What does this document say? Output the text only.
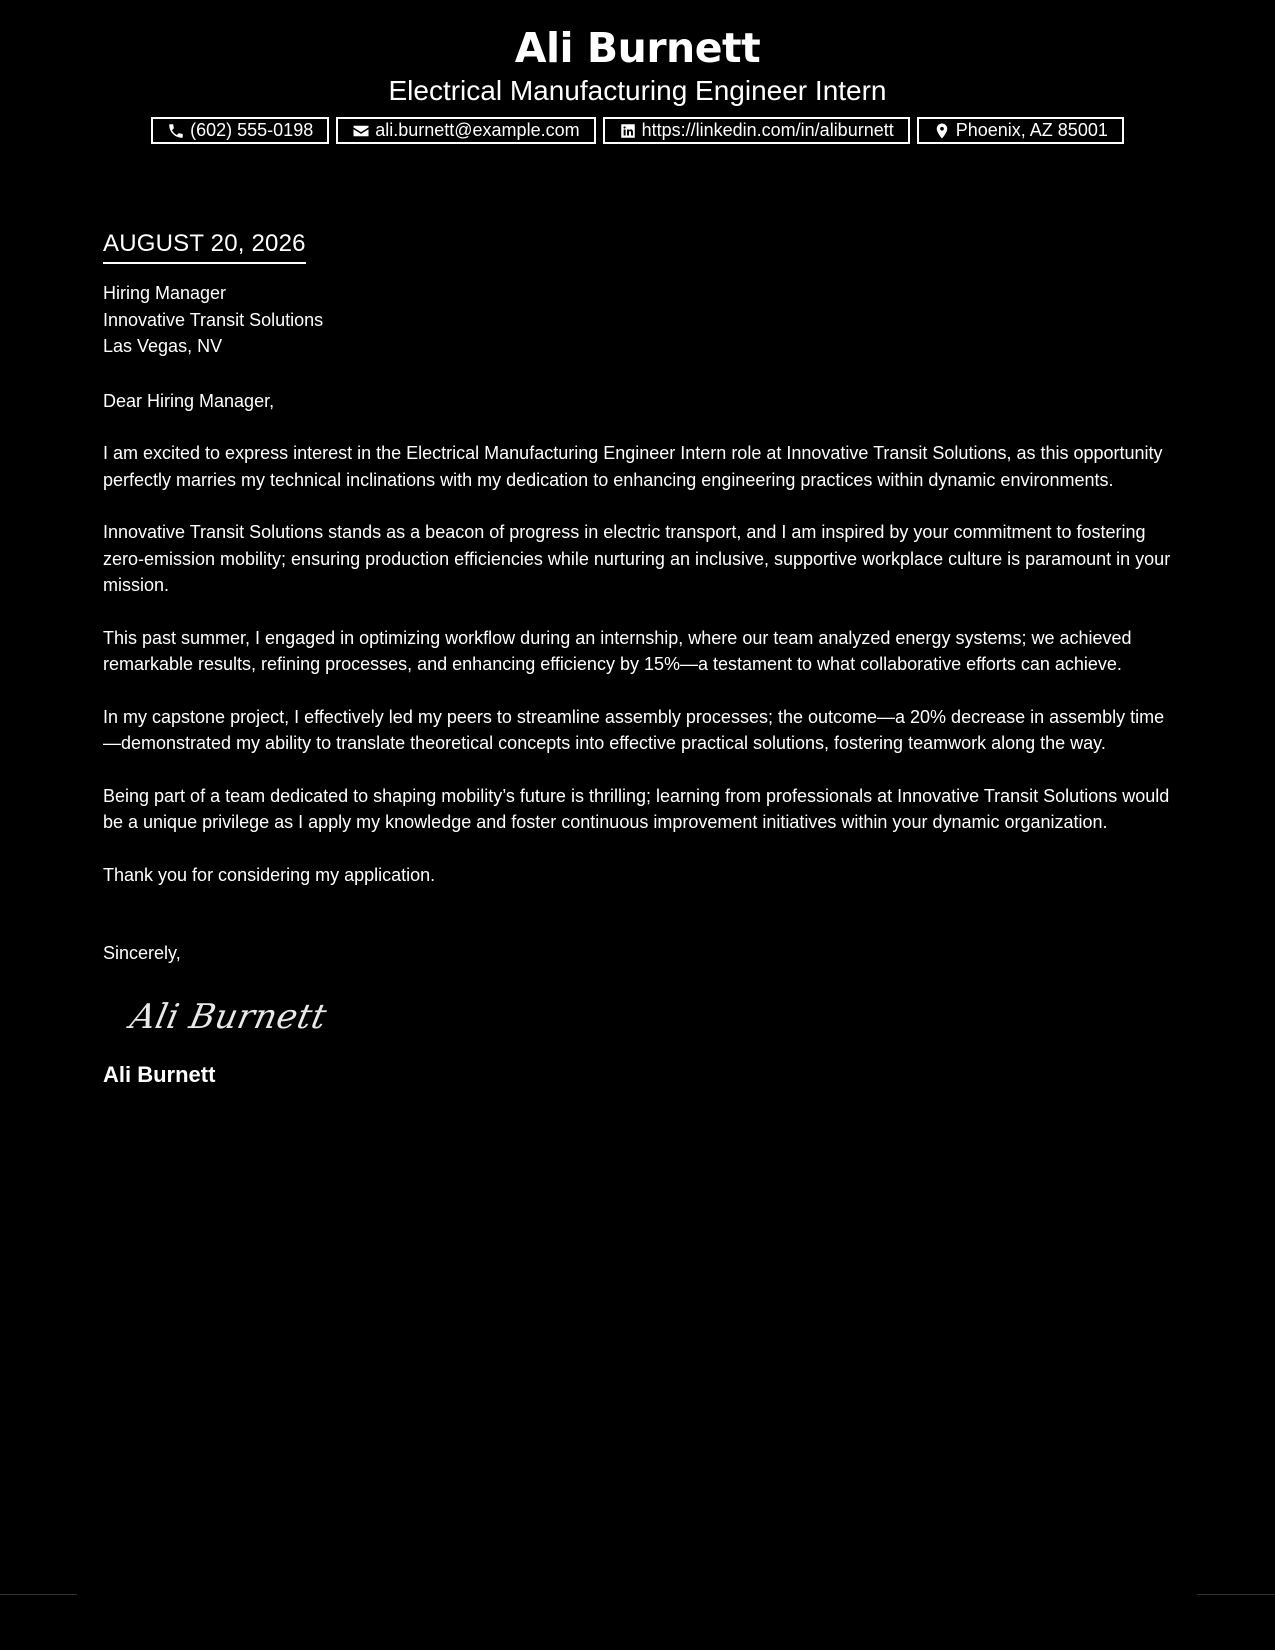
Ali Burnett
Electrical Manufacturing Engineer Intern
(602) 555-0198	ali.burnett@example.com	https://linkedin.com/in/aliburnett	Phoenix, AZ 85001
AUGUST 20, 2026
Hiring Manager
Innovative Transit Solutions
Las Vegas, NV

Dear Hiring Manager,

I am excited to express interest in the Electrical Manufacturing Engineer Intern role at Innovative Transit Solutions, as this opportunity perfectly marries my technical inclinations with my dedication to enhancing engineering practices within dynamic environments.

Innovative Transit Solutions stands as a beacon of progress in electric transport, and I am inspired by your commitment to fostering zero-emission mobility; ensuring production efficiencies while nurturing an inclusive, supportive workplace culture is paramount in your mission.

This past summer, I engaged in optimizing workflow during an internship, where our team analyzed energy systems; we achieved remarkable results, refining processes, and enhancing efficiency by 15%—a testament to what collaborative efforts can achieve.

In my capstone project, I effectively led my peers to streamline assembly processes; the outcome—a 20% decrease in assembly time—demonstrated my ability to translate theoretical concepts into effective practical solutions, fostering teamwork along the way.

Being part of a team dedicated to shaping mobility’s future is thrilling; learning from professionals at Innovative Transit Solutions would be a unique privilege as I apply my knowledge and foster continuous improvement initiatives within your dynamic organization.

Thank you for considering my application.

Sincerely,

Ali Burnett
Ali Burnett
